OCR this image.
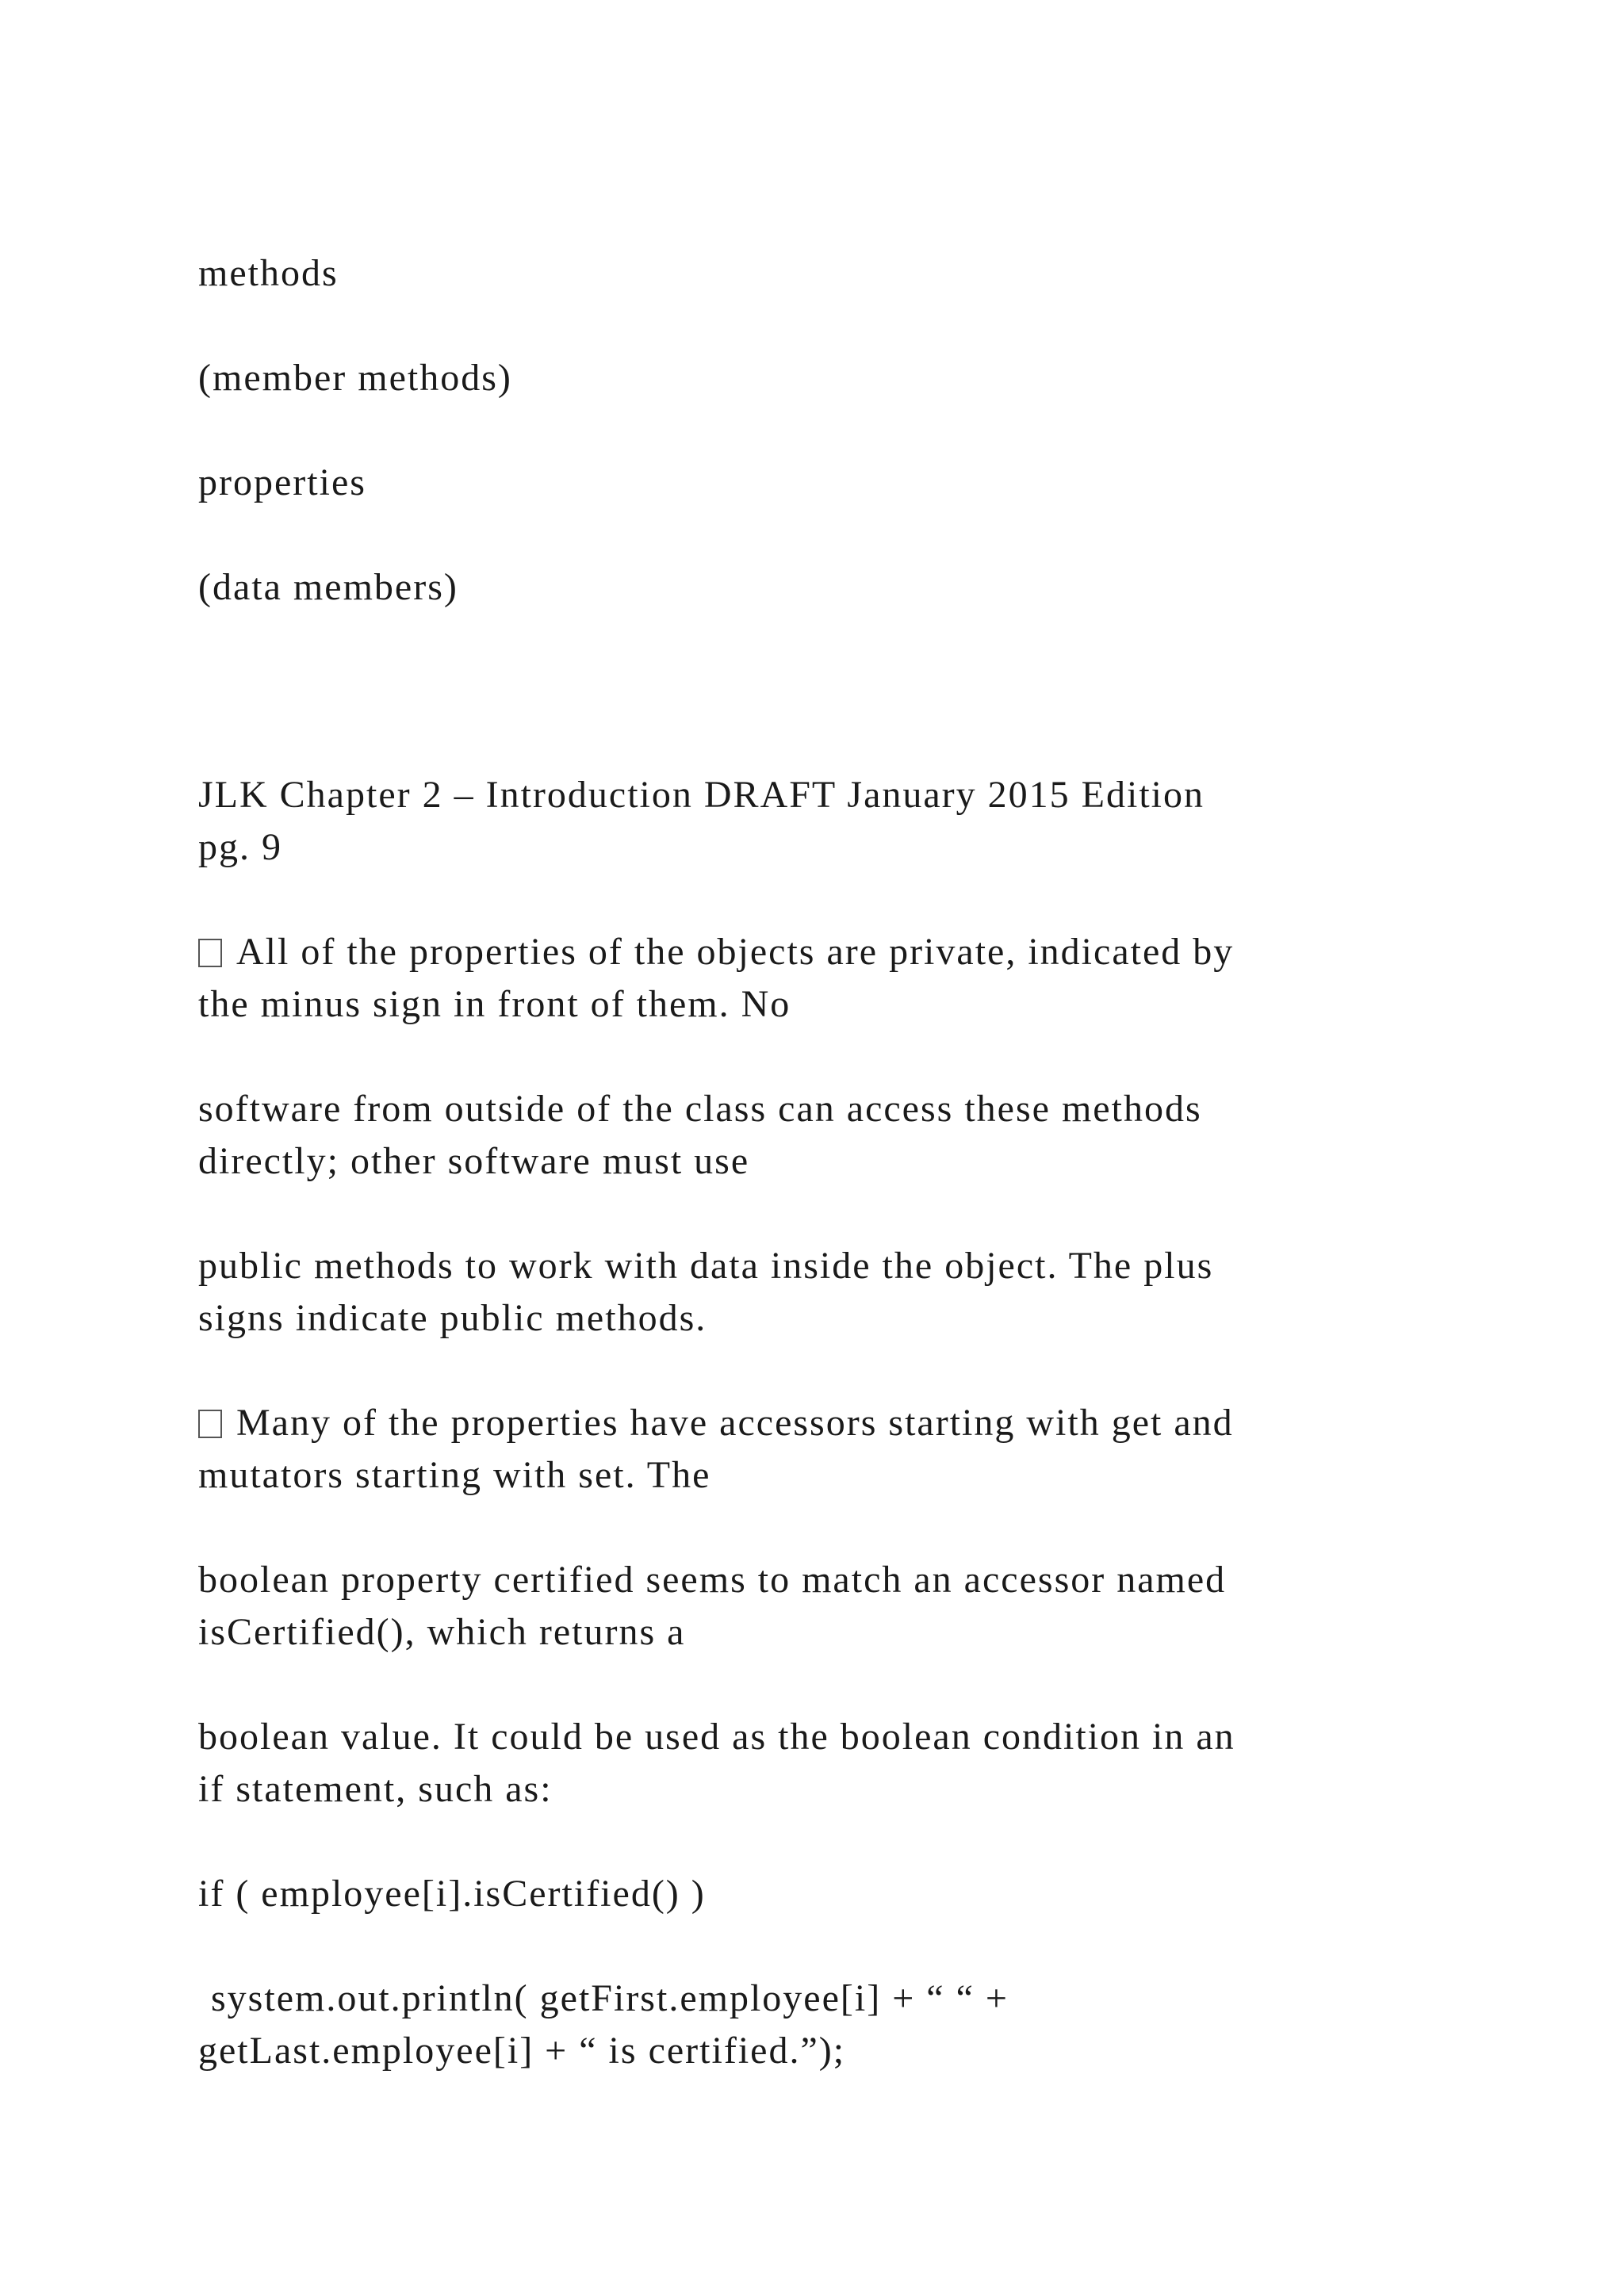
methods

(member methods)

properties

(data members)

JLK Chapter 2 – Introduction DRAFT January 2015 Edition
pg. 9

All of the properties of the objects are private, indicated by
the minus sign in front of them. No

software from outside of the class can access these methods
directly; other software must use

public methods to work with data inside the object. The plus
signs indicate public methods.

Many of the properties have accessors starting with get and
mutators starting with set. The

boolean property certified seems to match an accessor named
isCertified(), which returns a

boolean value. It could be used as the boolean condition in an
if statement, such as:

if ( employee[i].isCertified() )

system.out.println( getFirst.employee[i] + “ “ +
getLast.employee[i] + “ is certified.”);
